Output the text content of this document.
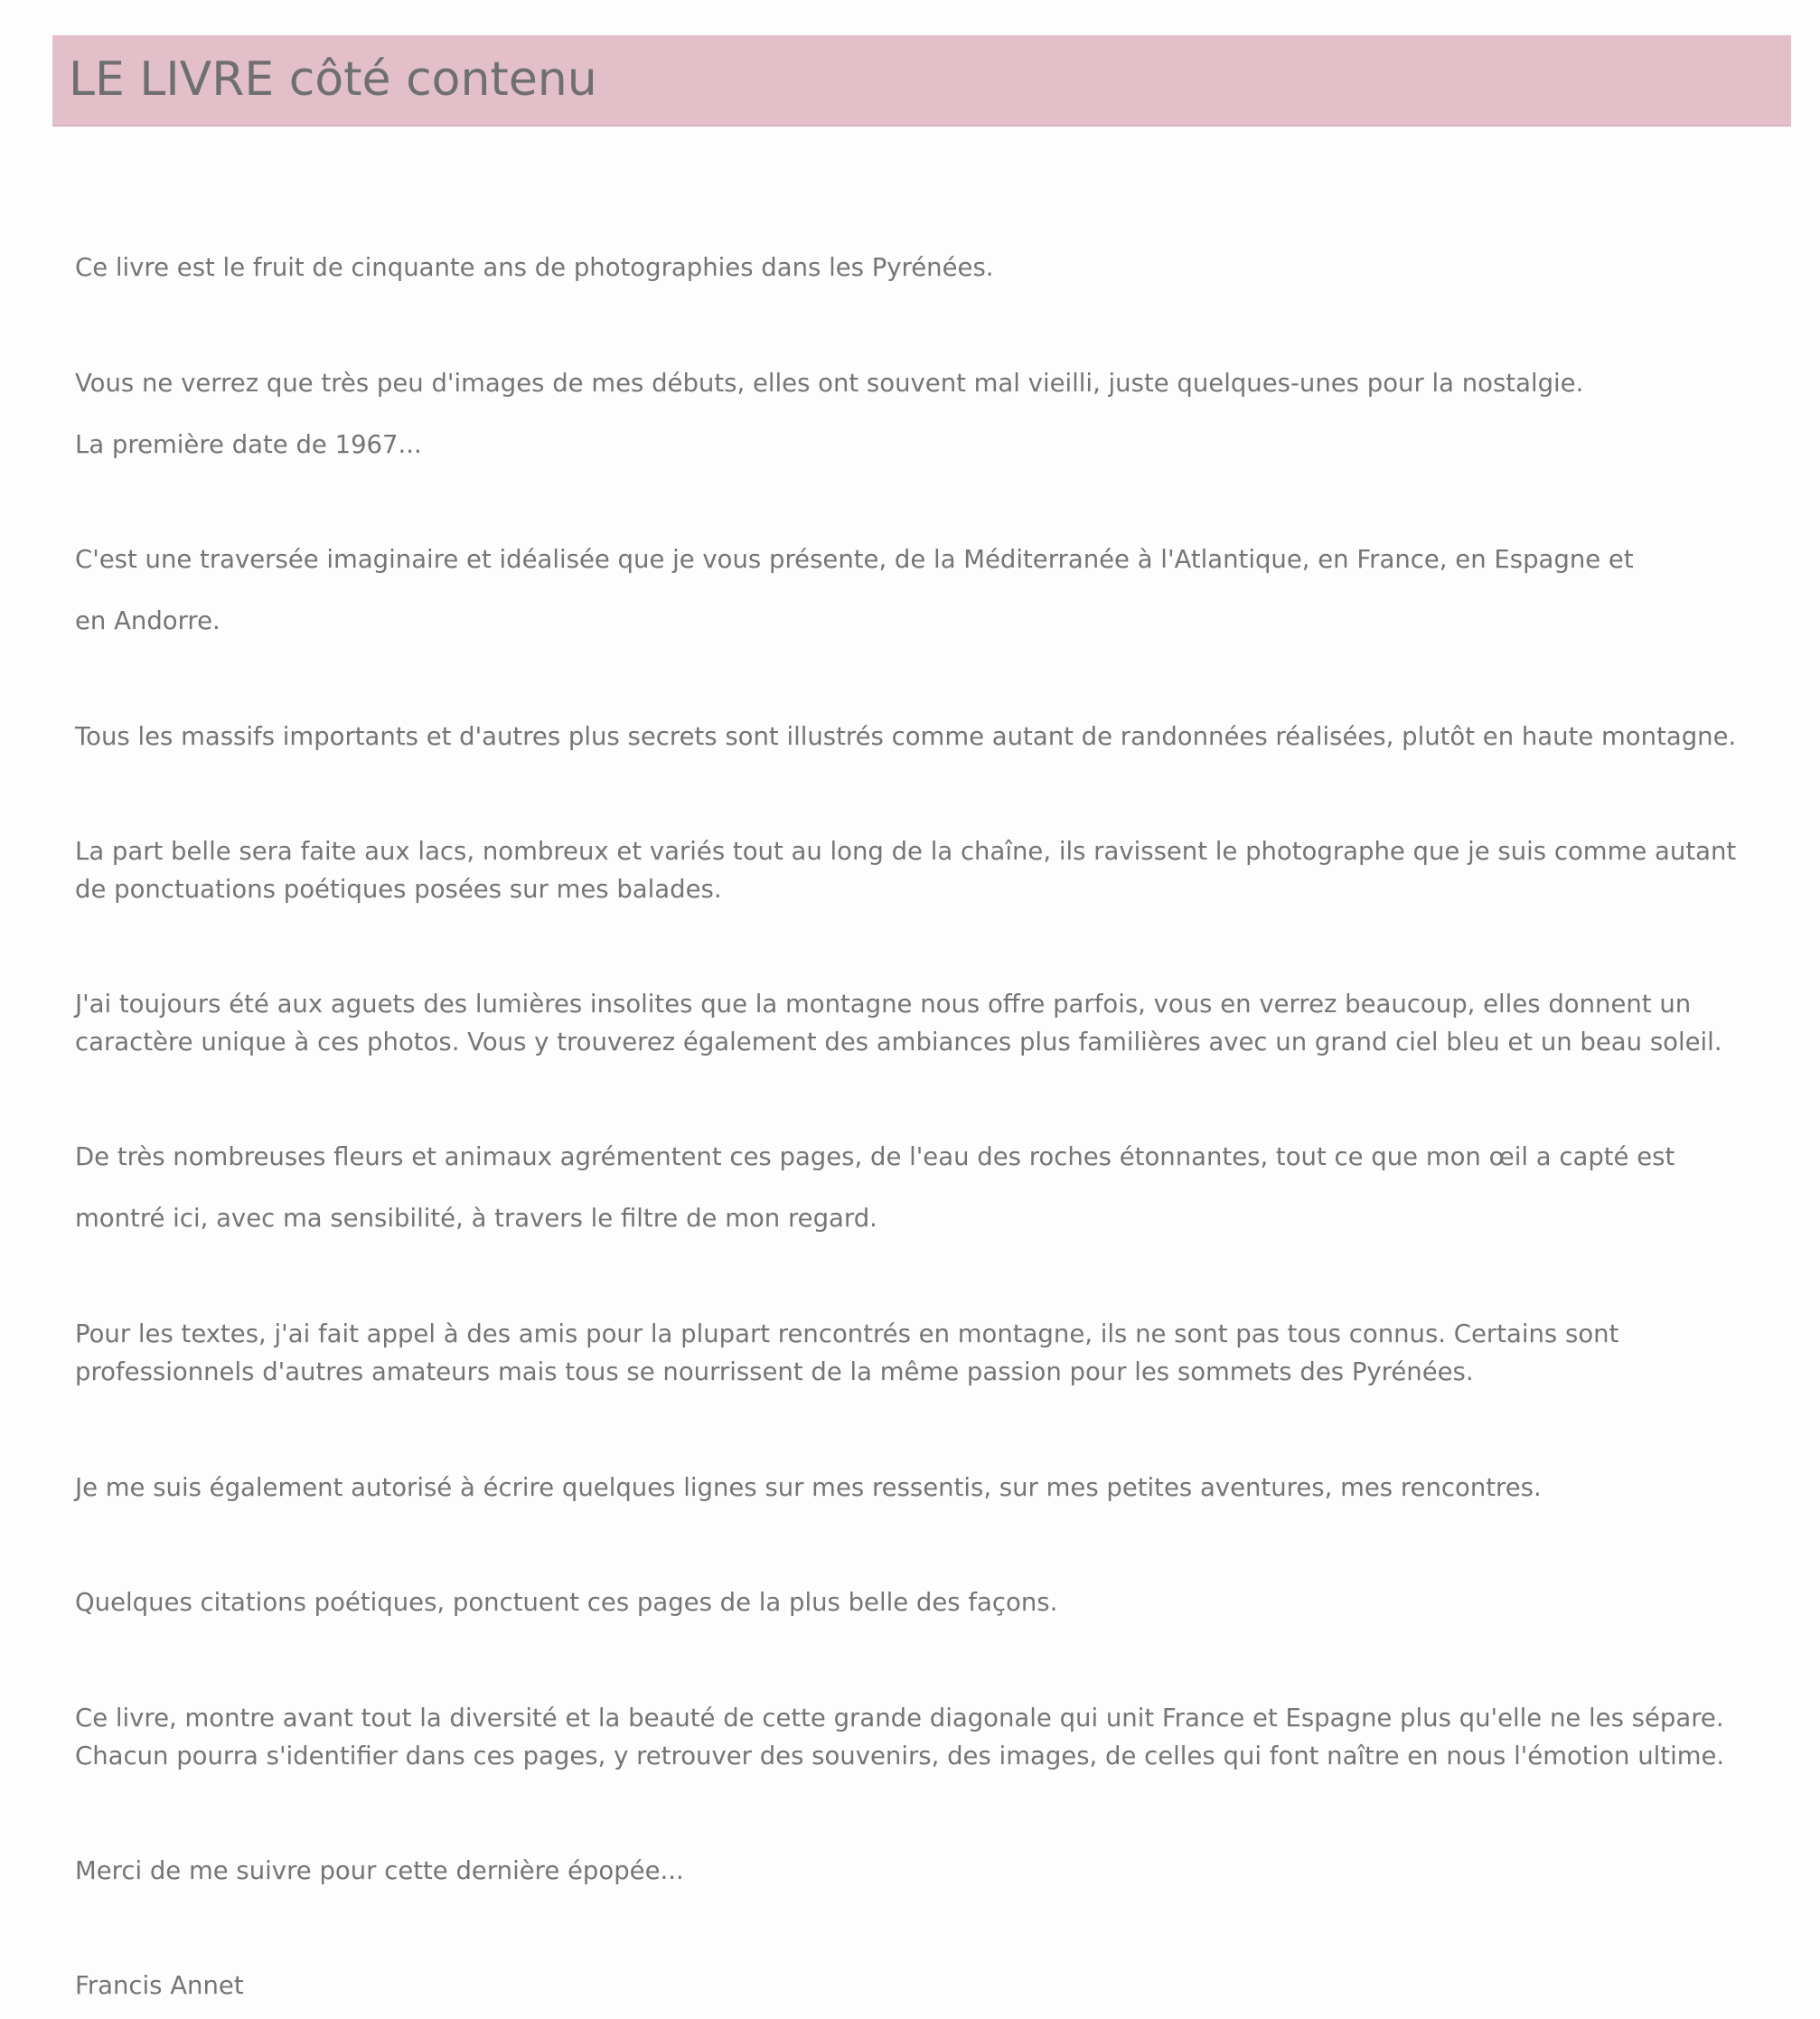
LE LIVRE côté contenu

Ce livre est le fruit de cinquante ans de photographies dans les Pyrénées.

Vous ne verrez que très peu d'images de mes débuts, elles ont souvent mal vieilli, juste quelques-unes pour la nostalgie.

La première date de 1967...

C'est une traversée imaginaire et idéalisée que je vous présente, de la Méditerranée à l'Atlantique, en France, en Espagne et

en Andorre.

Tous les massifs importants et d'autres plus secrets sont illustrés comme autant de randonnées réalisées, plutôt en haute montagne.

La part belle sera faite aux lacs, nombreux et variés tout au long de la chaîne, ils ravissent le photographe que je suis comme autant

de ponctuations poétiques posées sur mes balades.

J'ai toujours été aux aguets des lumières insolites que la montagne nous offre parfois, vous en verrez beaucoup, elles donnent un

caractère unique à ces photos. Vous y trouverez également des ambiances plus familières avec un grand ciel bleu et un beau soleil.

De très nombreuses fleurs et animaux agrémentent ces pages, de l'eau des roches étonnantes, tout ce que mon œil a capté est

montré ici, avec ma sensibilité, à travers le filtre de mon regard.

Pour les textes, j'ai fait appel à des amis pour la plupart rencontrés en montagne, ils ne sont pas tous connus. Certains sont

professionnels d'autres amateurs mais tous se nourrissent de la même passion pour les sommets des Pyrénées.

Je me suis également autorisé à écrire quelques lignes sur mes ressentis, sur mes petites aventures, mes rencontres.

Quelques citations poétiques, ponctuent ces pages de la plus belle des façons.

Ce livre, montre avant tout la diversité et la beauté de cette grande diagonale qui unit France et Espagne plus qu'elle ne les sépare.

Chacun pourra s'identifier dans ces pages, y retrouver des souvenirs, des images, de celles qui font naître en nous l'émotion ultime.

Merci de me suivre pour cette dernière épopée...

Francis Annet
